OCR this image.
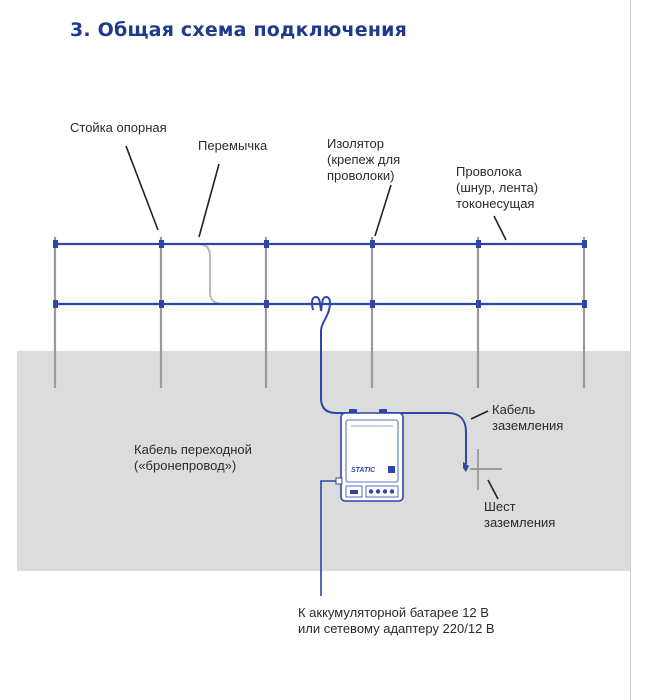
3. Общая схема подключения
STATIC
Стойка опорная
Перемычка	Изолятор
(крепеж для
проволоки)	Проволока
(шнур, лента)
токонесущая
Кабель переходной
(«бронепровод»)
Кабель
заземления
Шест
заземления
К аккумуляторной батарее 12 В
или сетевому адаптеру 220/12 В
